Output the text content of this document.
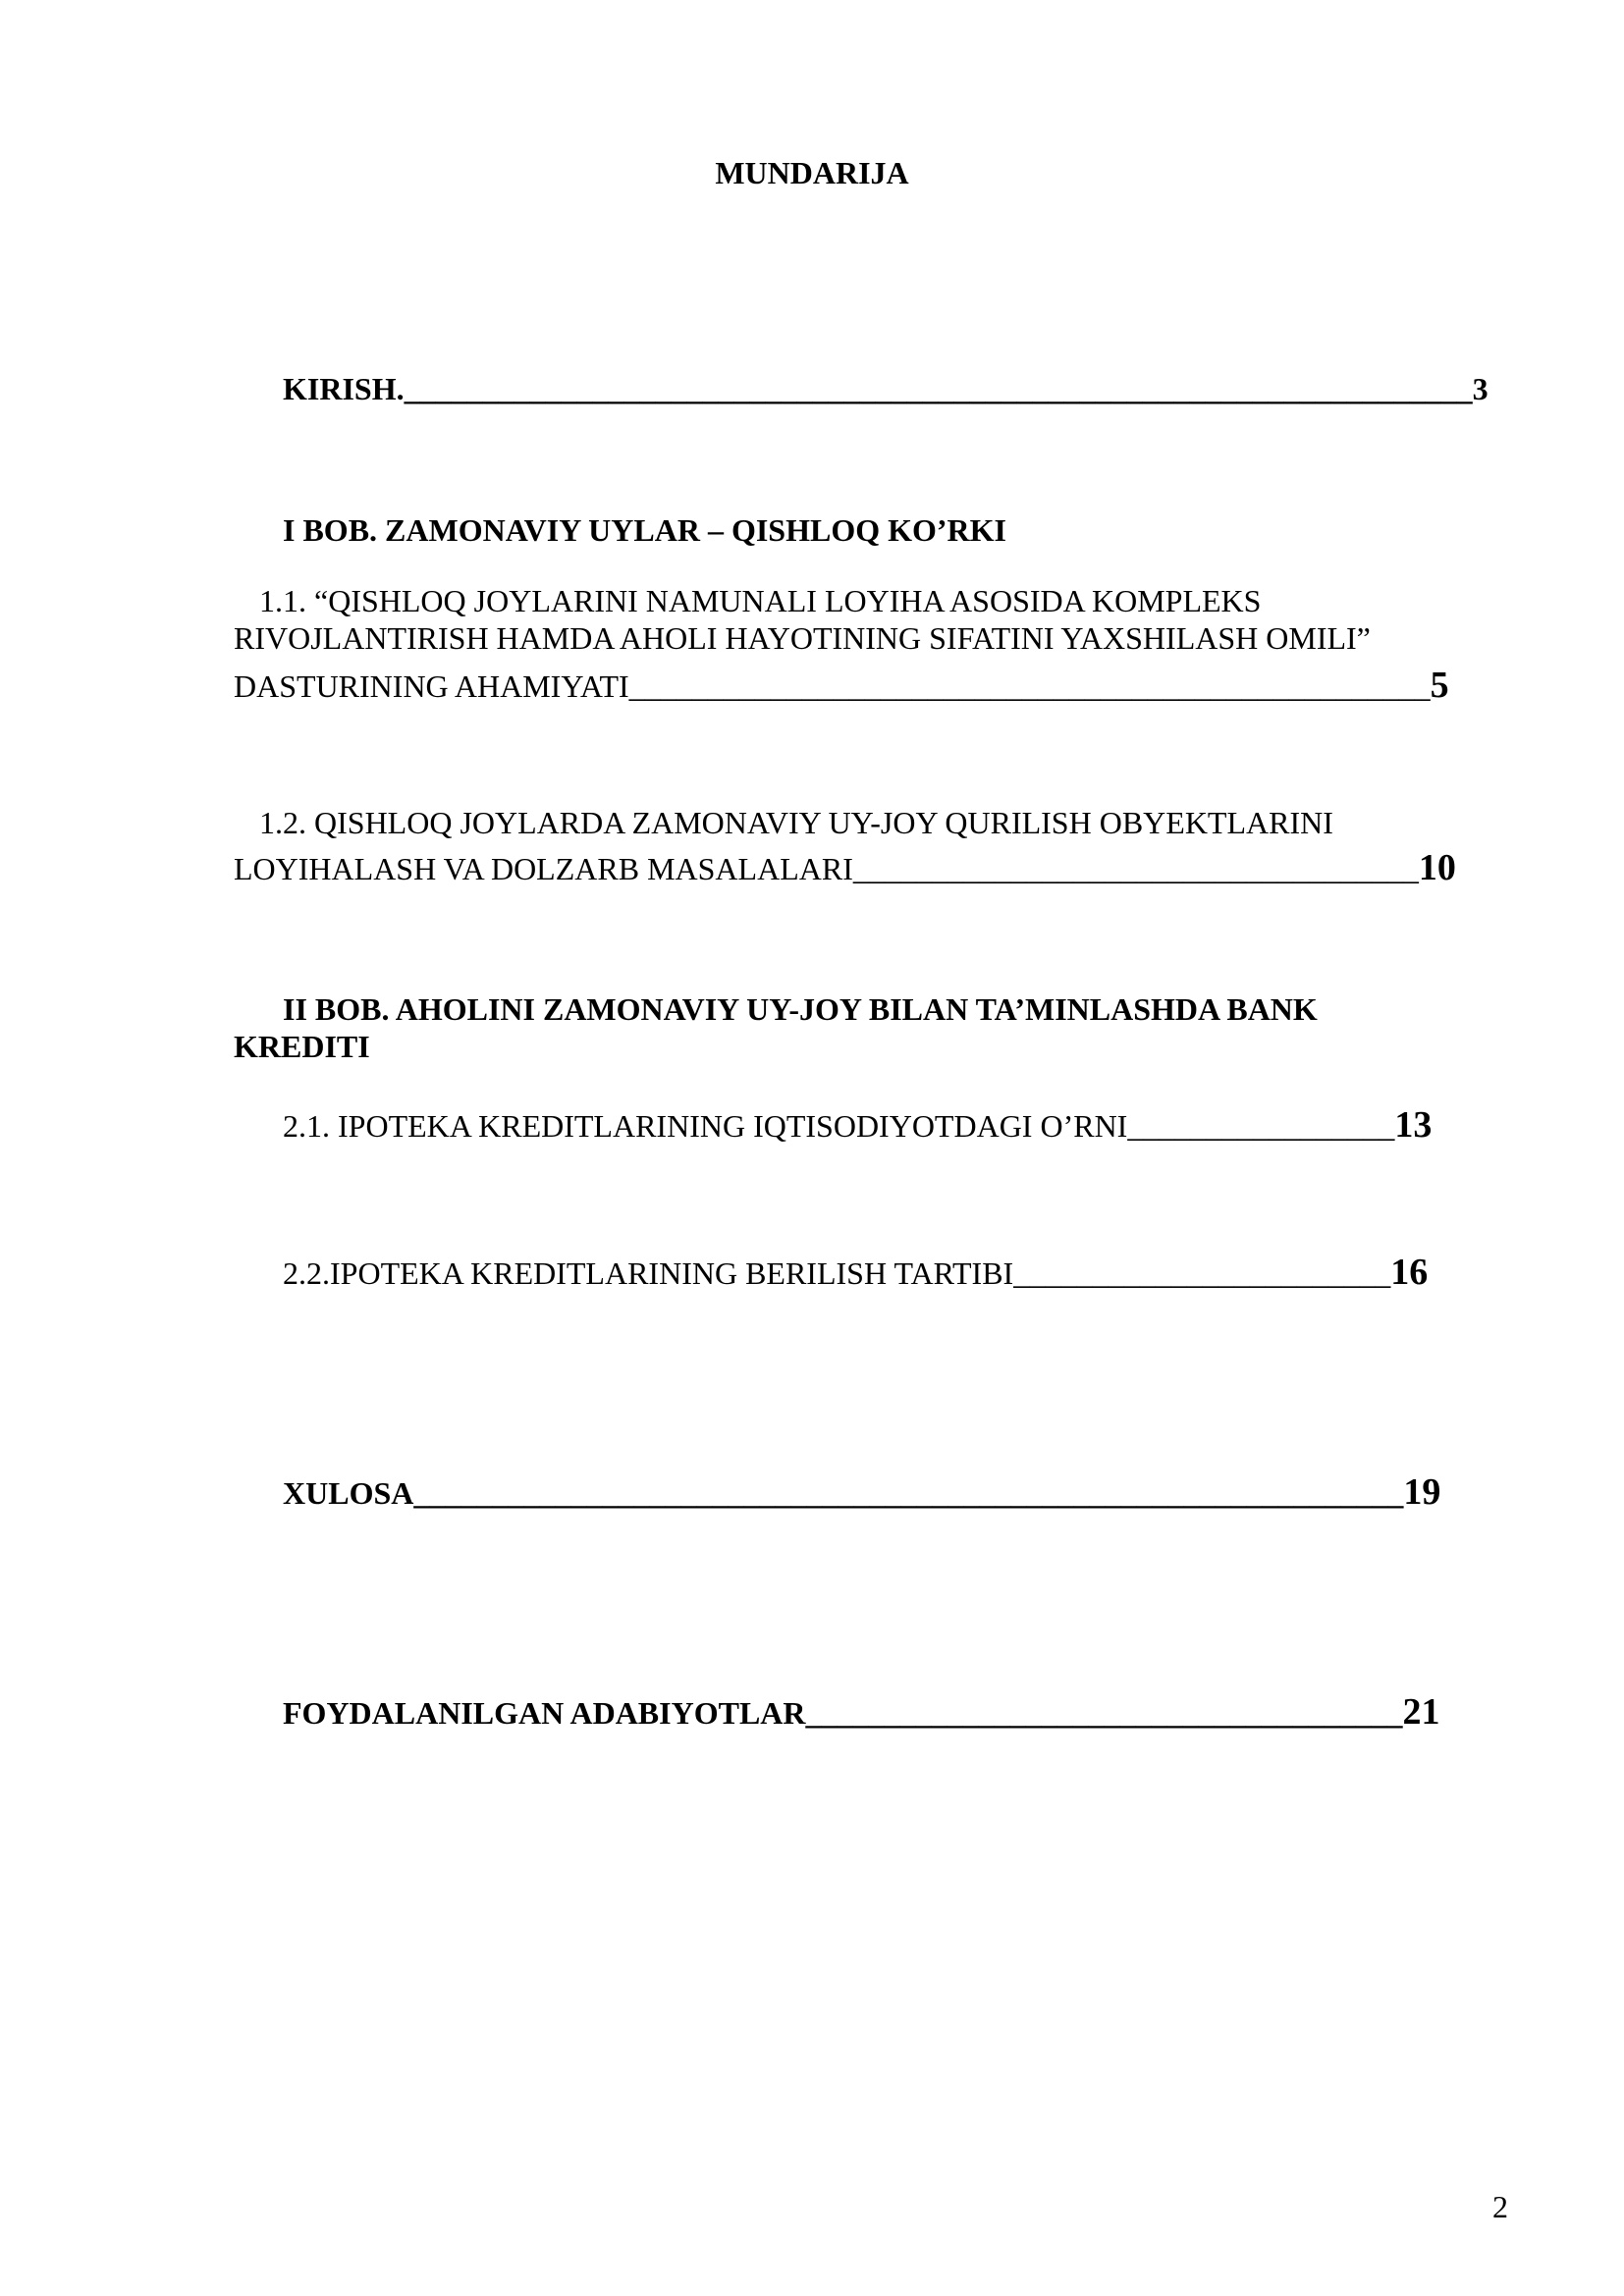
MUNDARIJA
KIRISH.____________________________________________________________________3
I BOB. ZAMONAVIY UYLAR – QISHLOQ KO’RKI
1.1. “QISHLOQ JOYLARINI NAMUNALI LOYIHA ASOSIDA KOMPLEKS
RIVOJLANTIRISH HAMDA AHOLI HAYOTINING SIFATINI YAXSHILASH OMILI”
DASTURINING AHAMIYATI___________________________________________________5
1.2. QISHLOQ JOYLARDA ZAMONAVIY UY-JOY QURILISH OBYEKTLARINI
LOYIHALASH VA DOLZARB MASALALARI____________________________________10
II BOB. AHOLINI ZAMONAVIY UY-JOY BILAN TA’MINLASHDA BANK
KREDITI
2.1. IPOTEKA KREDITLARINING IQTISODIYOTDAGI O’RNI_________________13
2.2.IPOTEKA KREDITLARINING BERILISH TARTIBI________________________16
XULOSA_______________________________________________________________19
FOYDALANILGAN ADABIYOTLAR______________________________________21
2
